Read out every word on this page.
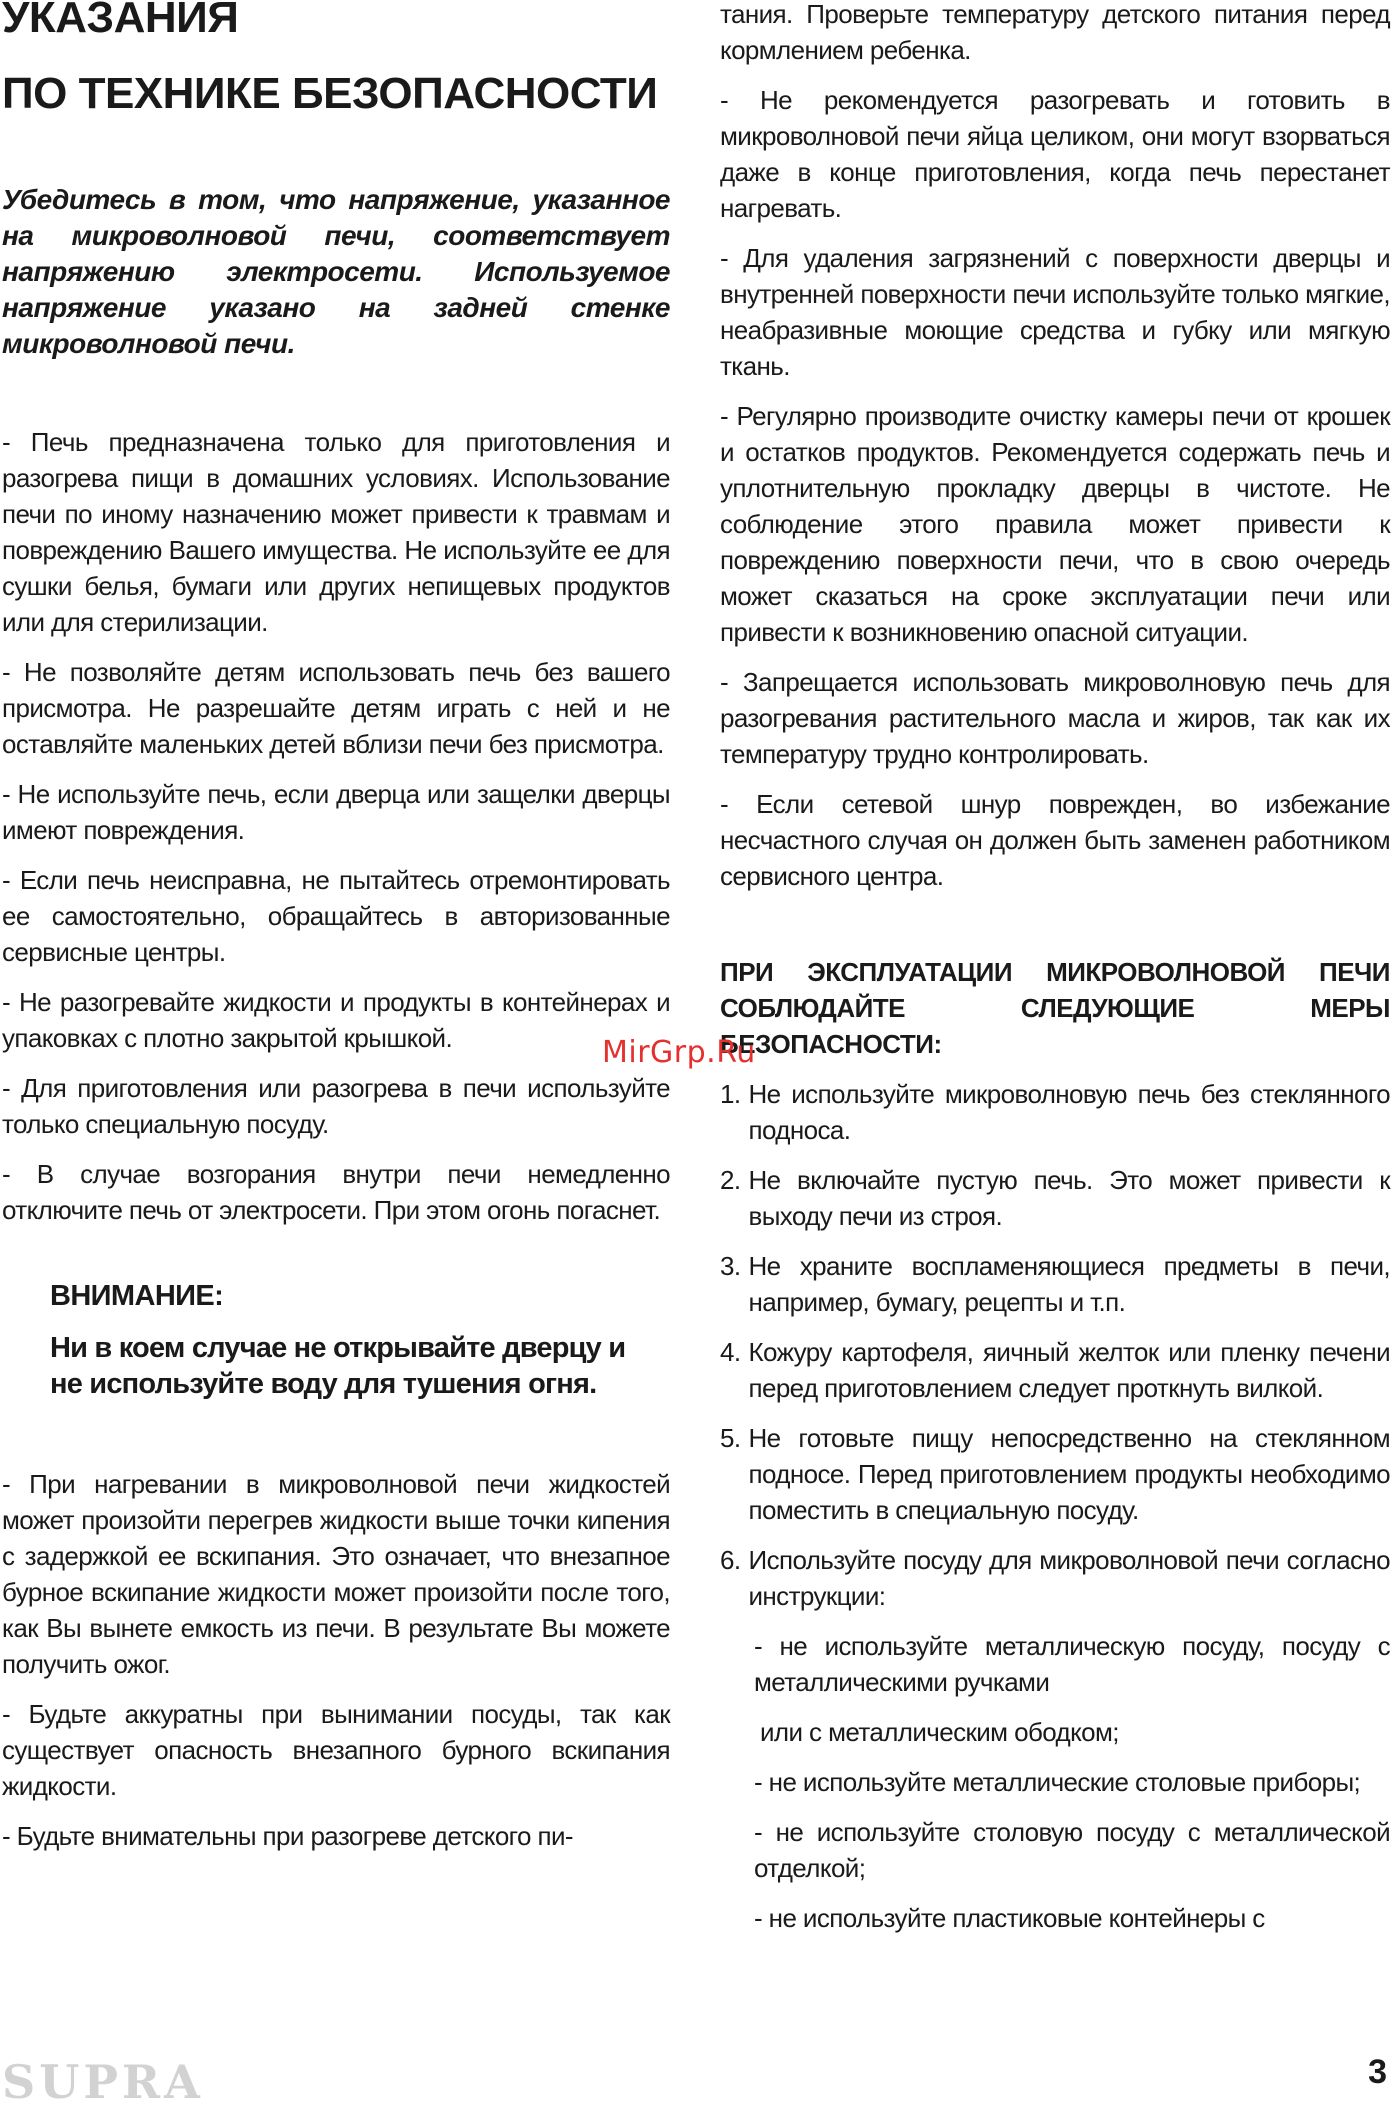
УКАЗАНИЯ
ПО ТЕХНИКЕ БЕЗОПАСНОСТИ

Убедитесь в том, что напряжение, указанное на микроволновой печи, соответствует напряжению электросети. Используемое напряжение указано на задней стенке микроволновой печи.

- Печь предназначена только для приготовления и разогрева пищи в домашних условиях. Использование печи по иному назначению может привести к травмам и повреждению Вашего имущества. Не используйте ее для сушки белья, бумаги или других непищевых продуктов или для стерилизации.

- Не позволяйте детям использовать печь без вашего присмотра. Не разрешайте детям играть с ней и не оставляйте маленьких детей вблизи печи без присмотра.

- Не используйте печь, если дверца или защелки дверцы имеют повреждения.

- Если печь неисправна, не пытайтесь отремонтировать ее самостоятельно, обращайтесь в авторизованные сервисные центры.

- Не разогревайте жидкости и продукты в контейнерах и упаковках с плотно закрытой крышкой.

- Для приготовления или разогрева в печи используйте только специальную посуду.

- В случае возгорания внутри печи немедленно отключите печь от электросети. При этом огонь погаснет.

ВНИМАНИЕ:

Ни в коем случае не открывайте дверцу и не используйте воду для тушения огня.

- При нагревании в микроволновой печи жидкостей может произойти перегрев жидкости выше точки кипения с задержкой ее вскипания. Это означает, что внезапное бурное вскипание жидкости может произойти после того, как Вы вынете емкость из печи. В результате Вы можете получить ожог.

- Будьте аккуратны при вынимании посуды, так как существует опасность внезапного бурного вскипания жидкости.

- Будьте внимательны при разогреве детского пи-

тания. Проверьте температуру детского питания перед кормлением ребенка.

- Не рекомендуется разогревать и готовить в микроволновой печи яйца целиком, они могут взорваться даже в конце приготовления, когда печь перестанет нагревать.

- Для удаления загрязнений с поверхности дверцы и внутренней поверхности печи используйте только мягкие, неабразивные моющие средства и губку или мягкую ткань.

- Регулярно производите очистку камеры печи от крошек и остатков продуктов. Рекомендуется содержать печь и уплотнительную прокладку дверцы в чистоте. Не соблюдение этого правила может привести к повреждению поверхности печи, что в свою очередь может сказаться на сроке эксплуатации печи или привести к возникновению опасной ситуации.

- Запрещается использовать микроволновую печь для разогревания растительного масла и жиров, так как их температуру трудно контролировать.

- Если сетевой шнур поврежден, во избежание несчастного случая он должен быть заменен работником сервисного центра.

ПРИ ЭКСПЛУАТАЦИИ МИКРОВОЛНОВОЙ ПЕЧИ СОБЛЮДАЙТЕ СЛЕДУЮЩИЕ МЕРЫ БЕЗОПАСНОСТИ:

1. Не используйте микроволновую печь без стеклянного подноса.
2. Не включайте пустую печь. Это может привести к выходу печи из строя.
3. Не храните воспламеняющиеся предметы в печи, например, бумагу, рецепты и т.п.
4. Кожуру картофеля, яичный желток или пленку печени перед приготовлением следует проткнуть вилкой.
5. Не готовьте пищу непосредственно на стеклянном подносе. Перед приготовлением продукты необходимо поместить в специальную посуду.
6. Используйте посуду для микроволновой печи согласно инструкции:

- не используйте металлическую посуду, посуду с металлическими ручками

или с металлическим ободком;

- не используйте металлические столовые приборы;

- не используйте столовую посуду с металлической отделкой;

- не используйте пластиковые контейнеры с

MirGrp.Ru
SUPRA	3
